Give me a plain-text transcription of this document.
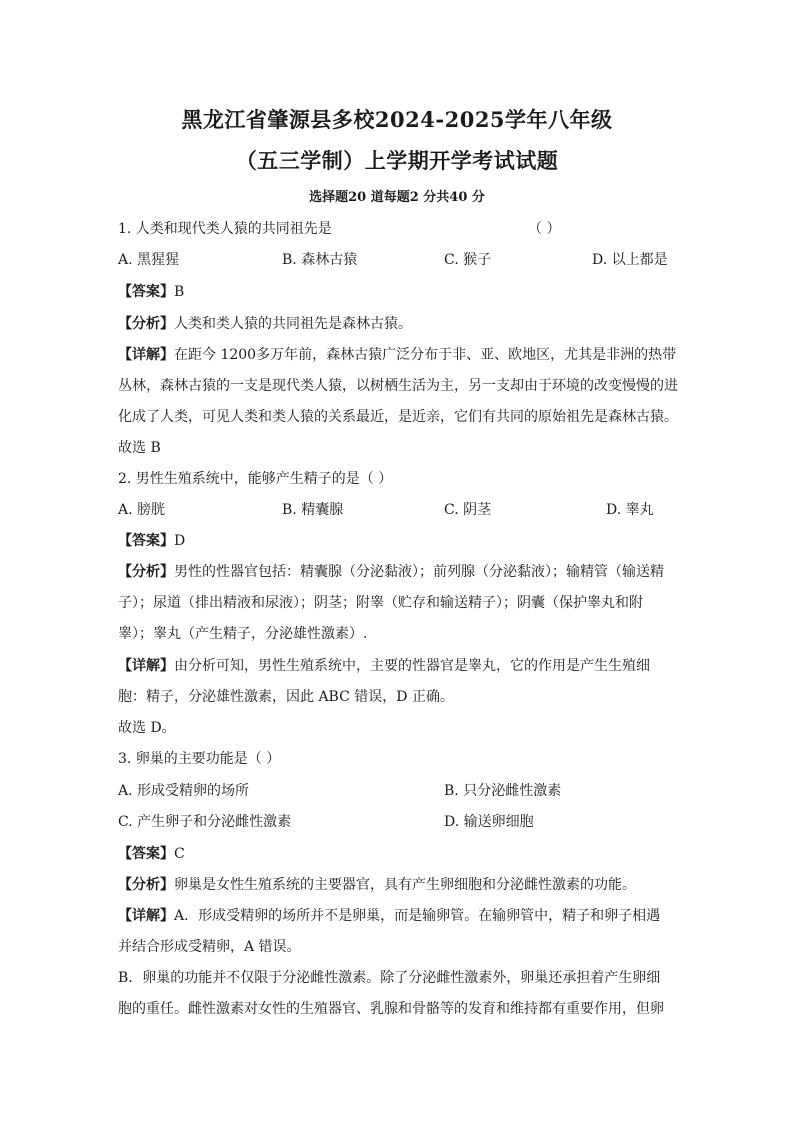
黑龙江省肇源县多校2024-2025学年八年级
（五三学制）上学期开学考试试题
选择题20 道每题2 分共40 分
1. 人类和现代类人猿的共同祖先是	（ ）
A. 黑猩猩	B. 森林古猿	C. 猴子	D. 以上都是
【答案】B
【分析】人类和类人猿的共同祖先是森林古猿。
【详解】在距今 1200多万年前，森林古猿广泛分布于非、亚、欧地区，尤其是非洲的热带
丛林，森林古猿的一支是现代类人猿，以树栖生活为主，另一支却由于环境的改变慢慢的进
化成了人类，可见人类和类人猿的关系最近，是近亲，它们有共同的原始祖先是森林古猿。
故选 B
2. 男性生殖系统中，能够产生精子的是（ ）
A. 膀胱	B. 精囊腺	C. 阴茎	D. 睾丸
【答案】D
【分析】男性的性器官包括：精囊腺（分泌黏液）；前列腺（分泌黏液）；输精管（输送精
子）；尿道（排出精液和尿液）；阴茎；附睾（贮存和输送精子）；阴囊（保护睾丸和附
睾）；睾丸（产生精子，分泌雄性激素）.
【详解】由分析可知，男性生殖系统中，主要的性器官是睾丸，它的作用是产生生殖细
胞：精子，分泌雄性激素，因此 ABC 错误，D 正确。
故选 D。
3. 卵巢的主要功能是（ ）
A. 形成受精卵的场所	B. 只分泌雌性激素
C. 产生卵子和分泌雌性激素	D. 输送卵细胞
【答案】C
【分析】卵巢是女性生殖系统的主要器官，具有产生卵细胞和分泌雌性激素的功能。
【详解】A．形成受精卵的场所并不是卵巢，而是输卵管。在输卵管中，精子和卵子相遇
并结合形成受精卵，A 错误。
B．卵巢的功能并不仅限于分泌雌性激素。除了分泌雌性激素外，卵巢还承担着产生卵细
胞的重任。雌性激素对女性的生殖器官、乳腺和骨骼等的发育和维持都有重要作用，但卵
